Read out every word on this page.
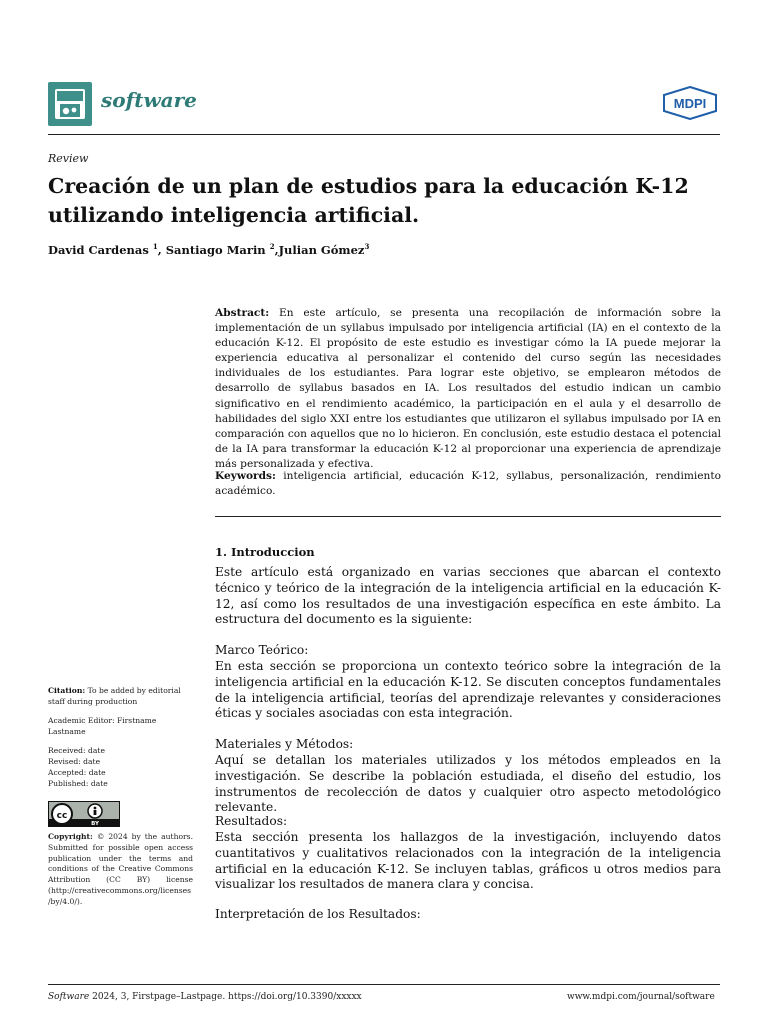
software	MDPI
Review
Creación de un plan de estudios para la educación K-12 utilizando inteligencia artificial.
David Cardenas $^1$, Santiago Marin $^2$,Julian Gómez$^3$
Abstract: En este artículo, se presenta una recopilación de información sobre la implementación de un syllabus impulsado por inteligencia artificial (IA) en el contexto de la educación K-12. El propósito de este estudio es investigar cómo la IA puede mejorar la experiencia educativa al personalizar el contenido del curso según las necesidades individuales de los estudiantes. Para lograr este objetivo, se emplearon métodos de desarrollo de syllabus basados en IA. Los resultados del estudio indican un cambio significativo en el rendimiento académico, la participación en el aula y el desarrollo de habilidades del siglo XXI entre los estudiantes que utilizaron el syllabus impulsado por IA en comparación con aquellos que no lo hicieron. En conclusión, este estudio destaca el potencial de la IA para transformar la educación K-12 al proporcionar una experiencia de aprendizaje más personalizada y efectiva.
Keywords: inteligencia artificial, educación K-12, syllabus, personalización, rendimiento académico.
1. Introduccion
Este artículo está organizado en varias secciones que abarcan el contexto técnico y teórico de la integración de la inteligencia artificial en la educación K-12, así como los resultados de una investigación específica en este ámbito. La estructura del documento es la siguiente:
Marco Teórico:
En esta sección se proporciona un contexto teórico sobre la integración de la inteligencia artificial en la educación K-12. Se discuten conceptos fundamentales de la inteligencia artificial, teorías del aprendizaje relevantes y consideraciones éticas y sociales asociadas con esta integración.
Materiales y Métodos:
Aquí se detallan los materiales utilizados y los métodos empleados en la investigación. Se describe la población estudiada, el diseño del estudio, los instrumentos de recolección de datos y cualquier otro aspecto metodológico relevante.
Resultados:
Esta sección presenta los hallazgos de la investigación, incluyendo datos cuantitativos y cualitativos relacionados con la integración de la inteligencia artificial en la educación K-12. Se incluyen tablas, gráficos u otros medios para visualizar los resultados de manera clara y concisa.
Interpretación de los Resultados:
Citation: To be added by editorial staff during production
Academic Editor: Firstname Lastname
Received: date
Revised: date
Accepted: date
Published: date
cc
BY
Copyright: © 2024 by the authors. Submitted for possible open access publication under the terms and conditions of the Creative Commons Attribution (CC BY) license (http://creativecommons.org/licenses /by/4.0/).
Software 2024, 3, Firstpage–Lastpage. https://doi.org/10.3390/xxxxx	www.mdpi.com/journal/software
